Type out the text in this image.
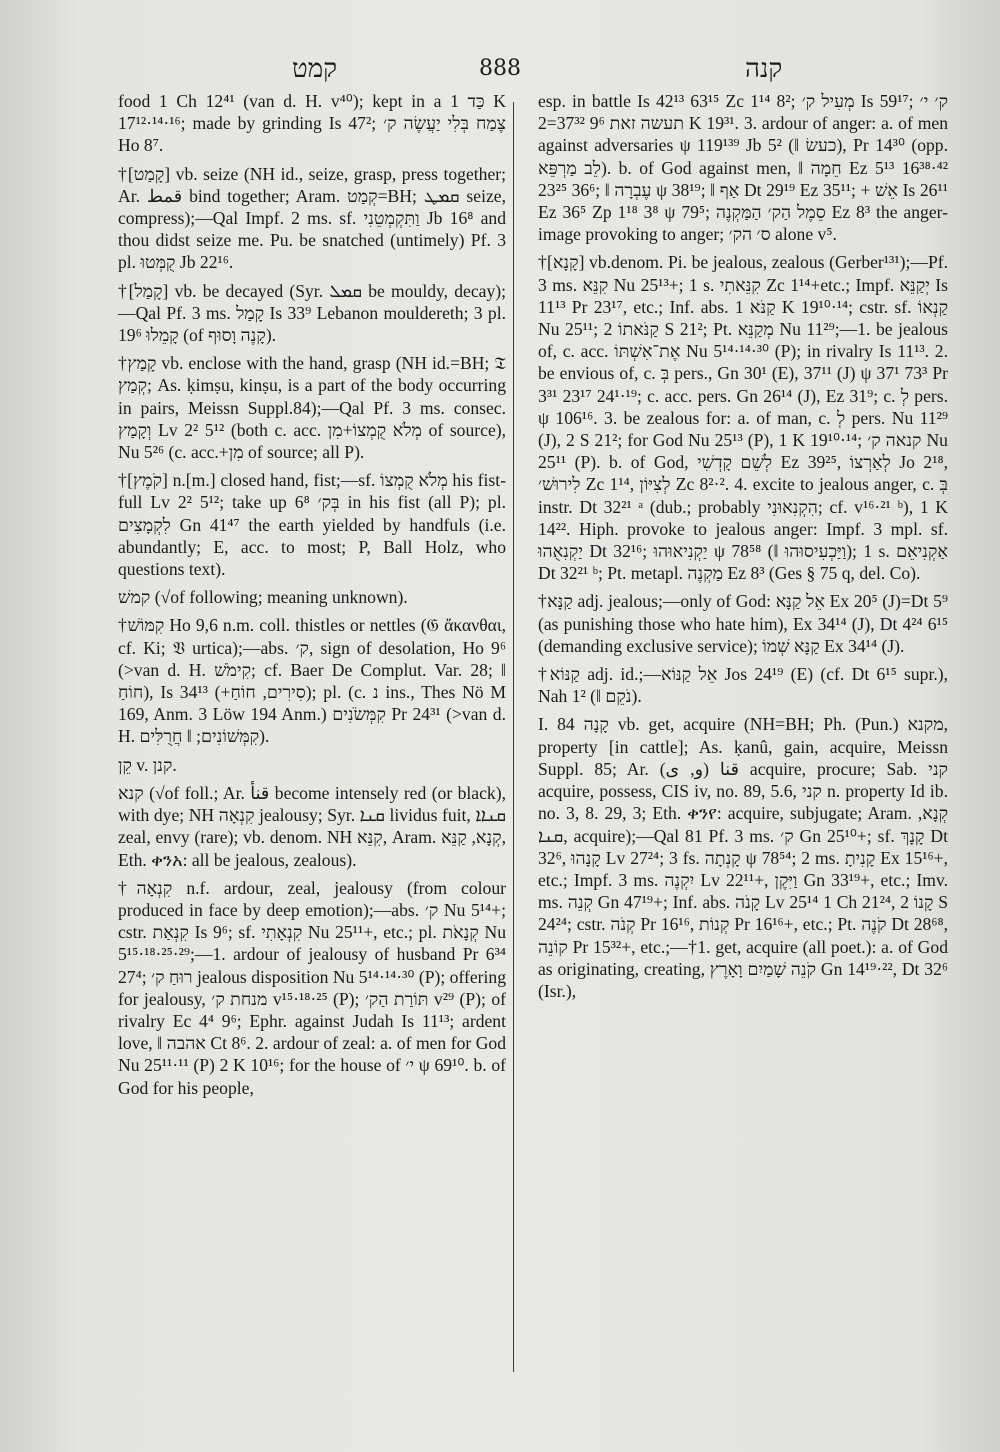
קמט	888	קנה

food 1 Ch 12⁴¹ (van d. H. v⁴⁰); kept in a כַּד 1 K 17¹²·¹⁴·¹⁶; made by grinding Is 47²; צֶמַח בְּלִי יַעֲשֶׂה ק׳ Ho 8⁷.

†[קָמַט] vb. seize (NH id., seize, grasp, press together; Ar. قمط bind together; Aram. קְמַט=BH; ܩܡܛ seize, compress);—Qal Impf. 2 ms. sf. וַתִּקְמְטֵנִי Jb 16⁸ and thou didst seize me. Pu. be snatched (untimely) Pf. 3 pl. קֻמְּטוּ Jb 22¹⁶.

†[קָמַל] vb. be decayed (Syr. ܩܡܠ be mouldy, decay);—Qal Pf. 3 ms. קָמַל Is 33⁹ Lebanon mouldereth; 3 pl. קָמֵלוּ 19⁶ (of קָנֶה וָסוּף).

†קָמַץ vb. enclose with the hand, grasp (NH id.=BH; 𝔗 קְמַץ; As. ḳimṣu, kinṣu, is a part of the body occurring in pairs, Meissn Suppl.84);—Qal Pf. 3 ms. consec. וְקָמַץ Lv 2² 5¹² (both c. acc. מְלֹא קֻמְצוֹ+מִן of source), Nu 5²⁶ (c. acc.+מִן of source; all P).

†[קֹמֶץ] n.[m.] closed hand, fist;—sf. מְלֹא קֻמְצוֹ his fist-full Lv 2² 5¹²; take up בְּק׳ 6⁸ in his fist (all P); pl. לִקְמָצִים Gn 41⁴⁷ the earth yielded by handfuls (i.e. abundantly; E, acc. to most; P, Ball Holz, who questions text).

קמשׁ (√of following; meaning unknown).

†קִמּוֹשׁ Ho 9,6 n.m. coll. thistles or nettles (𝔊 ἄκανθαι, cf. Ki; 𝔙 urtica);—abs. ק׳, sign of desolation, Ho 9⁶ (>van d. H. קִימֹשׁ; cf. Baer De Complut. Var. 28; ‖ חוֹחַ), Is 34¹³ (+סִירִים, חוֹחַ); pl. (c. נ ins., Thes Nö M 169, Anm. 3 Löw 194 Anm.) קִמְּשֹׂנִים Pr 24³¹ (>van d. H. קִמְּשׁוֹנִים; ‖ חֲרֻלִּים).

קֵן v. קנן.

קנא (√of foll.; Ar. قنأ become intensely red (or black), with dye; NH קִנְאָה jealousy; Syr. ܩܢܐ lividus fuit, ܩܢܐܐ zeal, envy (rare); vb. denom. NH קִנֵּא, Aram. קְנָא, קַנֵּא, Eth. ቀንአ: all be jealous, zealous).

†קִנְאָה n.f. ardour, zeal, jealousy (from colour produced in face by deep emotion);—abs. ק׳ Nu 5¹⁴+; cstr. קִנְאַת Is 9⁶; sf. קִנְאָתִי Nu 25¹¹+, etc.; pl. קְנָאֹת Nu 5¹⁵·¹⁸·²⁵·²⁹;—1. ardour of jealousy of husband Pr 6³⁴ 27⁴; רוּחַ ק׳ jealous disposition Nu 5¹⁴·¹⁴·³⁰ (P); offering for jealousy, מנחת ק׳ v¹⁵·¹⁸·²⁵ (P); תּוֹרַת הַק׳ v²⁹ (P); of rivalry Ec 4⁴ 9⁶; Ephr. against Judah Is 11¹³; ardent love, ‖ אהבה Ct 8⁶. 2. ardour of zeal: a. of men for God Nu 25¹¹·¹¹ (P) 2 K 10¹⁶; for the house of י׳ ψ 69¹⁰. b. of God for his people,

esp. in battle Is 42¹³ 63¹⁵ Zc 1¹⁴ 8²; מְעִיל ק׳ Is 59¹⁷; ק׳ י׳ תעשה זאת 9⁶ 37³²=2 K 19³¹. 3. ardour of anger: a. of men against adversaries ψ 119¹³⁹ Jb 5² (‖ כעשׂ), Pr 14³⁰ (opp. לֵב מַרְפֵּא). b. of God against men, ‖ חֵמָה Ez 5¹³ 16³⁸·⁴² 23²⁵ 36⁶; ‖ עֶבְרָה ψ 38¹⁹; ‖ אַף Dt 29¹⁹ Ez 35¹¹; + אֵשׁ Is 26¹¹ Ez 36⁵ Zp 1¹⁸ 3⁸ ψ 79⁵; סֵמֶל הַק׳ הַמַּקְנֶה Ez 8³ the anger-image provoking to anger; ס׳ הק׳ alone v⁵.

†[קָנָא] vb.denom. Pi. be jealous, zealous (Gerber¹³¹);—Pf. 3 ms. קִנֵּא Nu 25¹³+; 1 s. קִנֵּאתִי Zc 1¹⁴+etc.; Impf. יְקַנֵּא Is 11¹³ Pr 23¹⁷, etc.; Inf. abs. קַנֹּא 1 K 19¹⁰·¹⁴; cstr. sf. קַנְאוֹ Nu 25¹¹; קַנֹּאתוֹ 2 S 21²; Pt. מְקַנֵּא Nu 11²⁹;—1. be jealous of, c. acc. אֶת־אִשְׁתּוֹ Nu 5¹⁴·¹⁴·³⁰ (P); in rivalry Is 11¹³. 2. be envious of, c. בְּ pers., Gn 30¹ (E), 37¹¹ (J) ψ 37¹ 73³ Pr 3³¹ 23¹⁷ 24¹·¹⁹; c. acc. pers. Gn 26¹⁴ (J), Ez 31⁹; c. לְ pers. ψ 106¹⁶. 3. be zealous for: a. of man, c. לְ pers. Nu 11²⁹ (J), 2 S 21²; for God Nu 25¹³ (P), 1 K 19¹⁰·¹⁴; קנאה ק׳ Nu 25¹¹ (P). b. of God, לְשֵׁם קָדְשִׁי Ez 39²⁵, לְאַרְצוֹ Jo 2¹⁸, לִירוּשׁ׳ Zc 1¹⁴, לְצִיּוֹן Zc 8²·². 4. excite to jealous anger, c. בְּ instr. Dt 32²¹ ᵃ (dub.; probably הִקְנִאוּנִי; cf. v¹⁶·²¹ ᵇ), 1 K 14²². Hiph. provoke to jealous anger: Impf. 3 mpl. sf. יַקְנִאֻהוּ Dt 32¹⁶; יַקְנִיאוּהוּ ψ 78⁵⁸ (‖ וַיַּכְעִיסוּהוּ); 1 s. אַקְנִיאֵם Dt 32²¹ ᵇ; Pt. metapl. מַקְנֶה Ez 8³ (Ges § 75 q, del. Co).

†קַנָּא adj. jealous;—only of God: אֵל קַנָּא Ex 20⁵ (J)=Dt 5⁹ (as punishing those who hate him), Ex 34¹⁴ (J), Dt 4²⁴ 6¹⁵ (demanding exclusive service); קַנָּא שְׁמוֹ Ex 34¹⁴ (J).

†קַנּוֹא adj. id.;—אֵל קַנּוֹא Jos 24¹⁹ (E) (cf. Dt 6¹⁵ supr.), Nah 1² (‖ נֹקֵם).

I. קָנָה 84 vb. get, acquire (NH=BH; Ph. (Pun.) מקנא, property [in cattle]; As. ḳanû, gain, acquire, Meissn Suppl. 85; Ar. قنا (و, ى) acquire, procure; Sab. קני acquire, possess, CIS iv, no. 89, 5.6, קני n. property Id ib. no. 3, 8. 29, 3; Eth. ቀንየ: acquire, subjugate; Aram. קְנָא, ܩܢܐ, acquire);—Qal 81 Pf. 3 ms. ק׳ Gn 25¹⁰+; sf. קָנָךְ Dt 32⁶, קָנָהוּ Lv 27²⁴; 3 fs. קָנְתָה ψ 78⁵⁴; 2 ms. קָנִיתָ Ex 15¹⁶+, etc.; Impf. 3 ms. יִקְנֶה Lv 22¹¹+, וַיִּקֶן Gn 33¹⁹+, etc.; Imv. ms. קְנֵה Gn 47¹⁹+; Inf. abs. קָנֹה Lv 25¹⁴ 1 Ch 21²⁴, קָנוֹ 2 S 24²⁴; cstr. קְנֹה Pr 16¹⁶, קְנוֹת Pr 16¹⁶+, etc.; Pt. קֹנֶה Dt 28⁶⁸, קוֹנֵה Pr 15³²+, etc.;—†1. get, acquire (all poet.): a. of God as originating, creating, קֹנֵה שָׁמַיִם וָאָרֶץ Gn 14¹⁹·²², Dt 32⁶ (Isr.),
